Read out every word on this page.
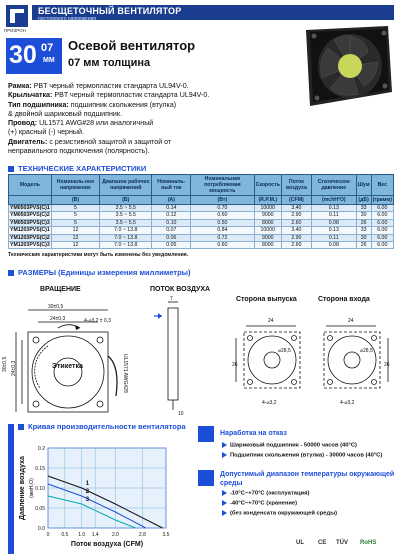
ПРИЗРОН
БЕСЩЕТОЧНЫЙ ВЕНТИЛЯТОР
постоянного напряжения
30 07
ММ
Осевой вентилятор
07 мм толщина
Рамка: PBT черный термопластик стандарта UL94V-0.
Крыльчатка: PBT черный термопластик стандарта UL94V-0.
Тип подшипника: подшипник скольжения (втулка)
& двойной шариковый подшипник.
Провод: UL1571 AWG#28 или аналогичный
(+) красный (-) черный.
Двигатель: с резистивной защитой и защитой от
неправильного подключения (полярность).
ТЕХНИЧЕСКИЕ ХАРАКТЕРИСТИКИ
Модель	Номиналь-ное напряжение	Диапазон рабочих напряжений	Номиналь-ный ток	Номинальная потребляемая мощность	Скорость	Поток воздуха	Статическое давление	Шум	Вес
	(В)	(В)	(А)	(Вт)	(R.P.M.)	(CFM)	(mchH²O)	(дБ)	(грамм)
YM0503PVS(C)1	5	3.5 ~ 5.5	0.14	0.70	10000	3.40	0.13	33	6.00
YM0503PVS(C)2	5	3.5 ~ 5.5	0.12	0.60	9000	2.90	0.11	30	6.00
YM0503PVS(C)3	5	3.5 ~ 5.5	0.10	0.50	8000	2.60	0.08	26	6.00
YM1203PVS(C)1	12	7.0 ~ 13.8	0.07	0.84	10000	3.40	0.13	33	6.00
YM1203PVS(C)2	12	7.0 ~ 13.8	0.06	0.72	9000	2.90	0.11	30	6.00
YM1203PVS(C)3	12	7.0 ~ 13.8	0.05	0.60	8000	2.60	0.08	26	6.00
Технические характеристики могут быть изменены без уведомления.
РАЗМЕРЫ (Единицы измерения миллиметры)
ВРАЩЕНИЕ	ПОТОК ВОЗДУХА
Сторона выпуска	Сторона входа
30±0,5
24±0,3	4-⌀3,2 ± 0,3
30±0,5 24±0,3	Этикетка	UL1571 AWG#28
7
10
24
26
⌀28,5
4-⌀3,2
24
26
⌀28,5
4-⌀3,2
Кривая производительности вентилятора
0.0
0.05
0.10
0.15
0.2
0 0.5 1.0 1.4	2.0	2.8	3.5
1
2
3
Поток воздуха (CFM)
Давление воздуха (ммH₂O)
Наработка на отказ
Шариковый подшипник - 50000 часов (40°C)
Подшипник скольжения (втулка) - 30000 часов (40°C)
Допустимый диапазон температуры окружающей среды
-10°C~+70°C (эксплуатация)
-40°C~+70°C (хранение)
(без конденсата окружающей среды)
UL CE TÜV RoHS
